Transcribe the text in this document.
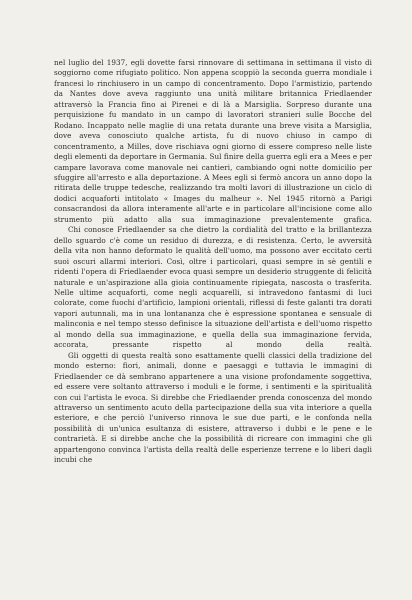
nel luglio del 1937, egli dovette farsi rinnovare di settimana in settimana il visto di soggiorno come rifugiato politico. Non appena scoppiò la seconda guerra mondiale i francesi lo rinchiusero in un campo di concentramento. Dopo l'armistizio, partendo da Nantes dove aveva raggiunto una unità militare britannica Friedlaender attraversò la Francia fino ai Pirenei e di là a Marsiglia. Sorpreso durante una perquisizione fu mandato in un campo di lavoratori stranieri sulle Bocche del Rodano. Incappato nelle maglie di una retata durante una breve visita a Marsiglia, dove aveva conosciuto qualche artista, fu di nuovo chiuso in campo di concentramento, a Milles, dove rischiava ogni giorno di essere compreso nelle liste degli elementi da deportare in Germania. Sul finire della guerra egli era a Mees e per campare lavorava come manovale nei cantieri, cambiando ogni notte domicilio per sfuggire all'arresto e alla deportazione. A Mees egli si fermò ancora un anno dopo la ritirata delle truppe tedesche, realizzando tra molti lavori di illustrazione un ciclo di dodici acquaforti intitolato « Images du malheur ». Nel 1945 ritornò a Parigi consacrandosi da allora interamente all'arte e in particolare all'incisione come allo strumento più adatto alla sua immaginazione prevalentemente grafica.

Chi conosce Friedlaender sa che dietro la cordialità del tratto e la brillantezza dello sguardo c'è come un residuo di durezza, e di resistenza. Certo, le avversità della vita non hanno deformato le qualità dell'uomo, ma possono aver eccitato certi suoi oscuri allarmi interiori. Così, oltre i particolari, quasi sempre in sè gentili e ridenti l'opera di Friedlaender evoca quasi sempre un desiderio struggente di felicità naturale e un'aspirazione alla gioia continuamente ripiegata, nascosta o trasferita. Nelle ultime acquaforti, come negli acquarelli, si intravedono fantasmi di luci colorate, come fuochi d'artificio, lampioni orientali, riflessi di feste galanti tra dorati vapori autunnali, ma in una lontananza che è espressione spontanea e sensuale di malinconia e nel tempo stesso definisce la situazione dell'artista e dell'uomo rispetto al mondo della sua immaginazione, e quella della sua immaginazione fervida, accorata, pressante rispetto al mondo della realtà.

Gli oggetti di questa realtà sono esattamente quelli classici della tradizione del mondo esterno: fiori, animali, donne e paesaggi e tuttavia le immagini di Friedlaender ce dà sembrano appartenere a una visione profondamente soggettiva, ed essere vere soltanto attraverso i moduli e le forme, i sentimenti e la spiritualità con cui l'artista le evoca. Si direbbe che Friedlaender prenda conoscenza del mondo attraverso un sentimento acuto della partecipazione della sua vita interiore a quella esteriore, e che perciò l'universo rinnova le sue due parti, e le confonda nella possibilità di un'unica esultanza di esistere, attraverso i dubbi e le pene e le contrarietà. E si direbbe anche che la possibilità di ricreare con immagini che gli appartengono convinca l'artista della realtà delle esperienze terrene e lo liberi dagli incubi che
